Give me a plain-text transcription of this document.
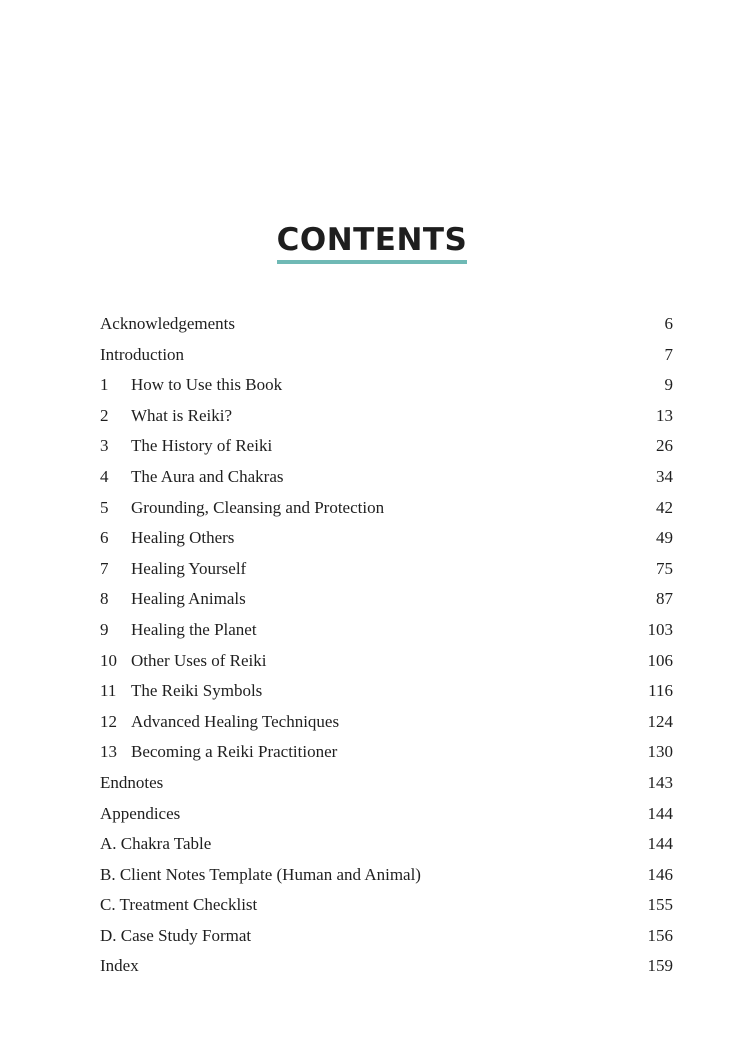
CONTENTS
Acknowledgements	6
Introduction	7
1	How to Use this Book	9
2	What is Reiki?	13
3	The History of Reiki	26
4	The Aura and Chakras	34
5	Grounding, Cleansing and Protection	42
6	Healing Others	49
7	Healing Yourself	75
8	Healing Animals	87
9	Healing the Planet	103
10 Other Uses of Reiki	106
11 The Reiki Symbols	116
12 Advanced Healing Techniques	124
13 Becoming a Reiki Practitioner	130
Endnotes	143
Appendices	144
A. Chakra Table	144
B. Client Notes Template (Human and Animal)	146
C. Treatment Checklist	155
D. Case Study Format	156
Index	159
